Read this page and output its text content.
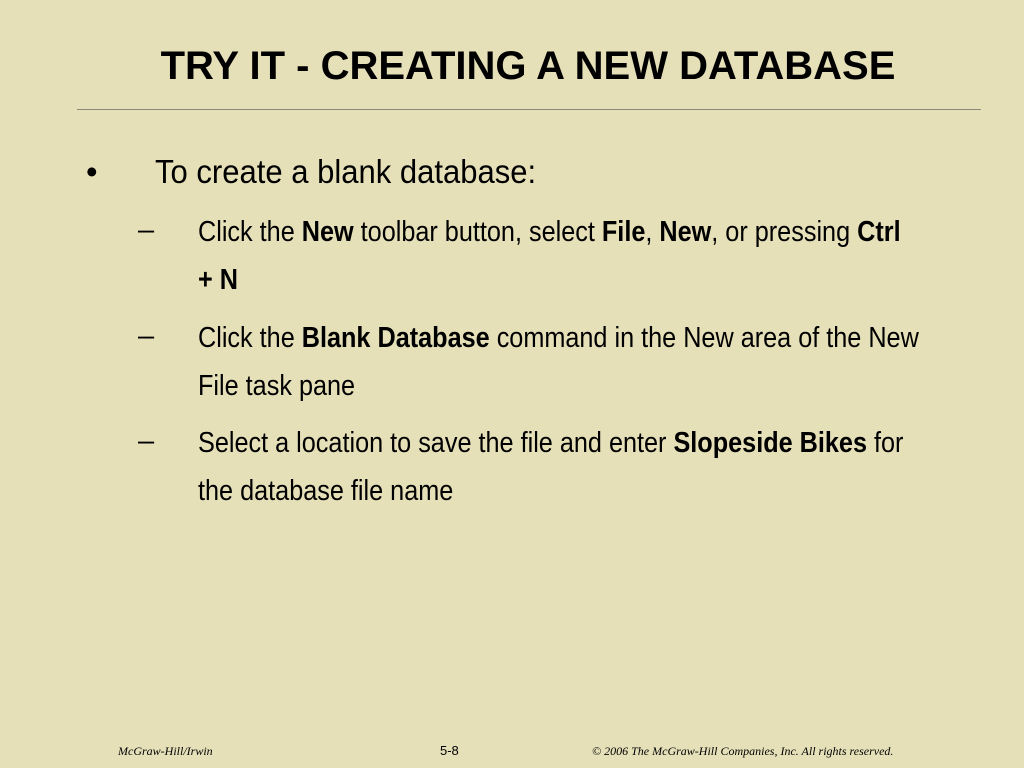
TRY IT - CREATING A NEW DATABASE
• To create a blank database:
– Click the New toolbar button, select File, New, or pressing Ctrl + N
– Click the Blank Database command in the New area of the New File task pane
– Select a location to save the file and enter Slopeside Bikes for the database file name
McGraw-Hill/Irwin	5-8	© 2006 The McGraw-Hill Companies, Inc. All rights reserved.
